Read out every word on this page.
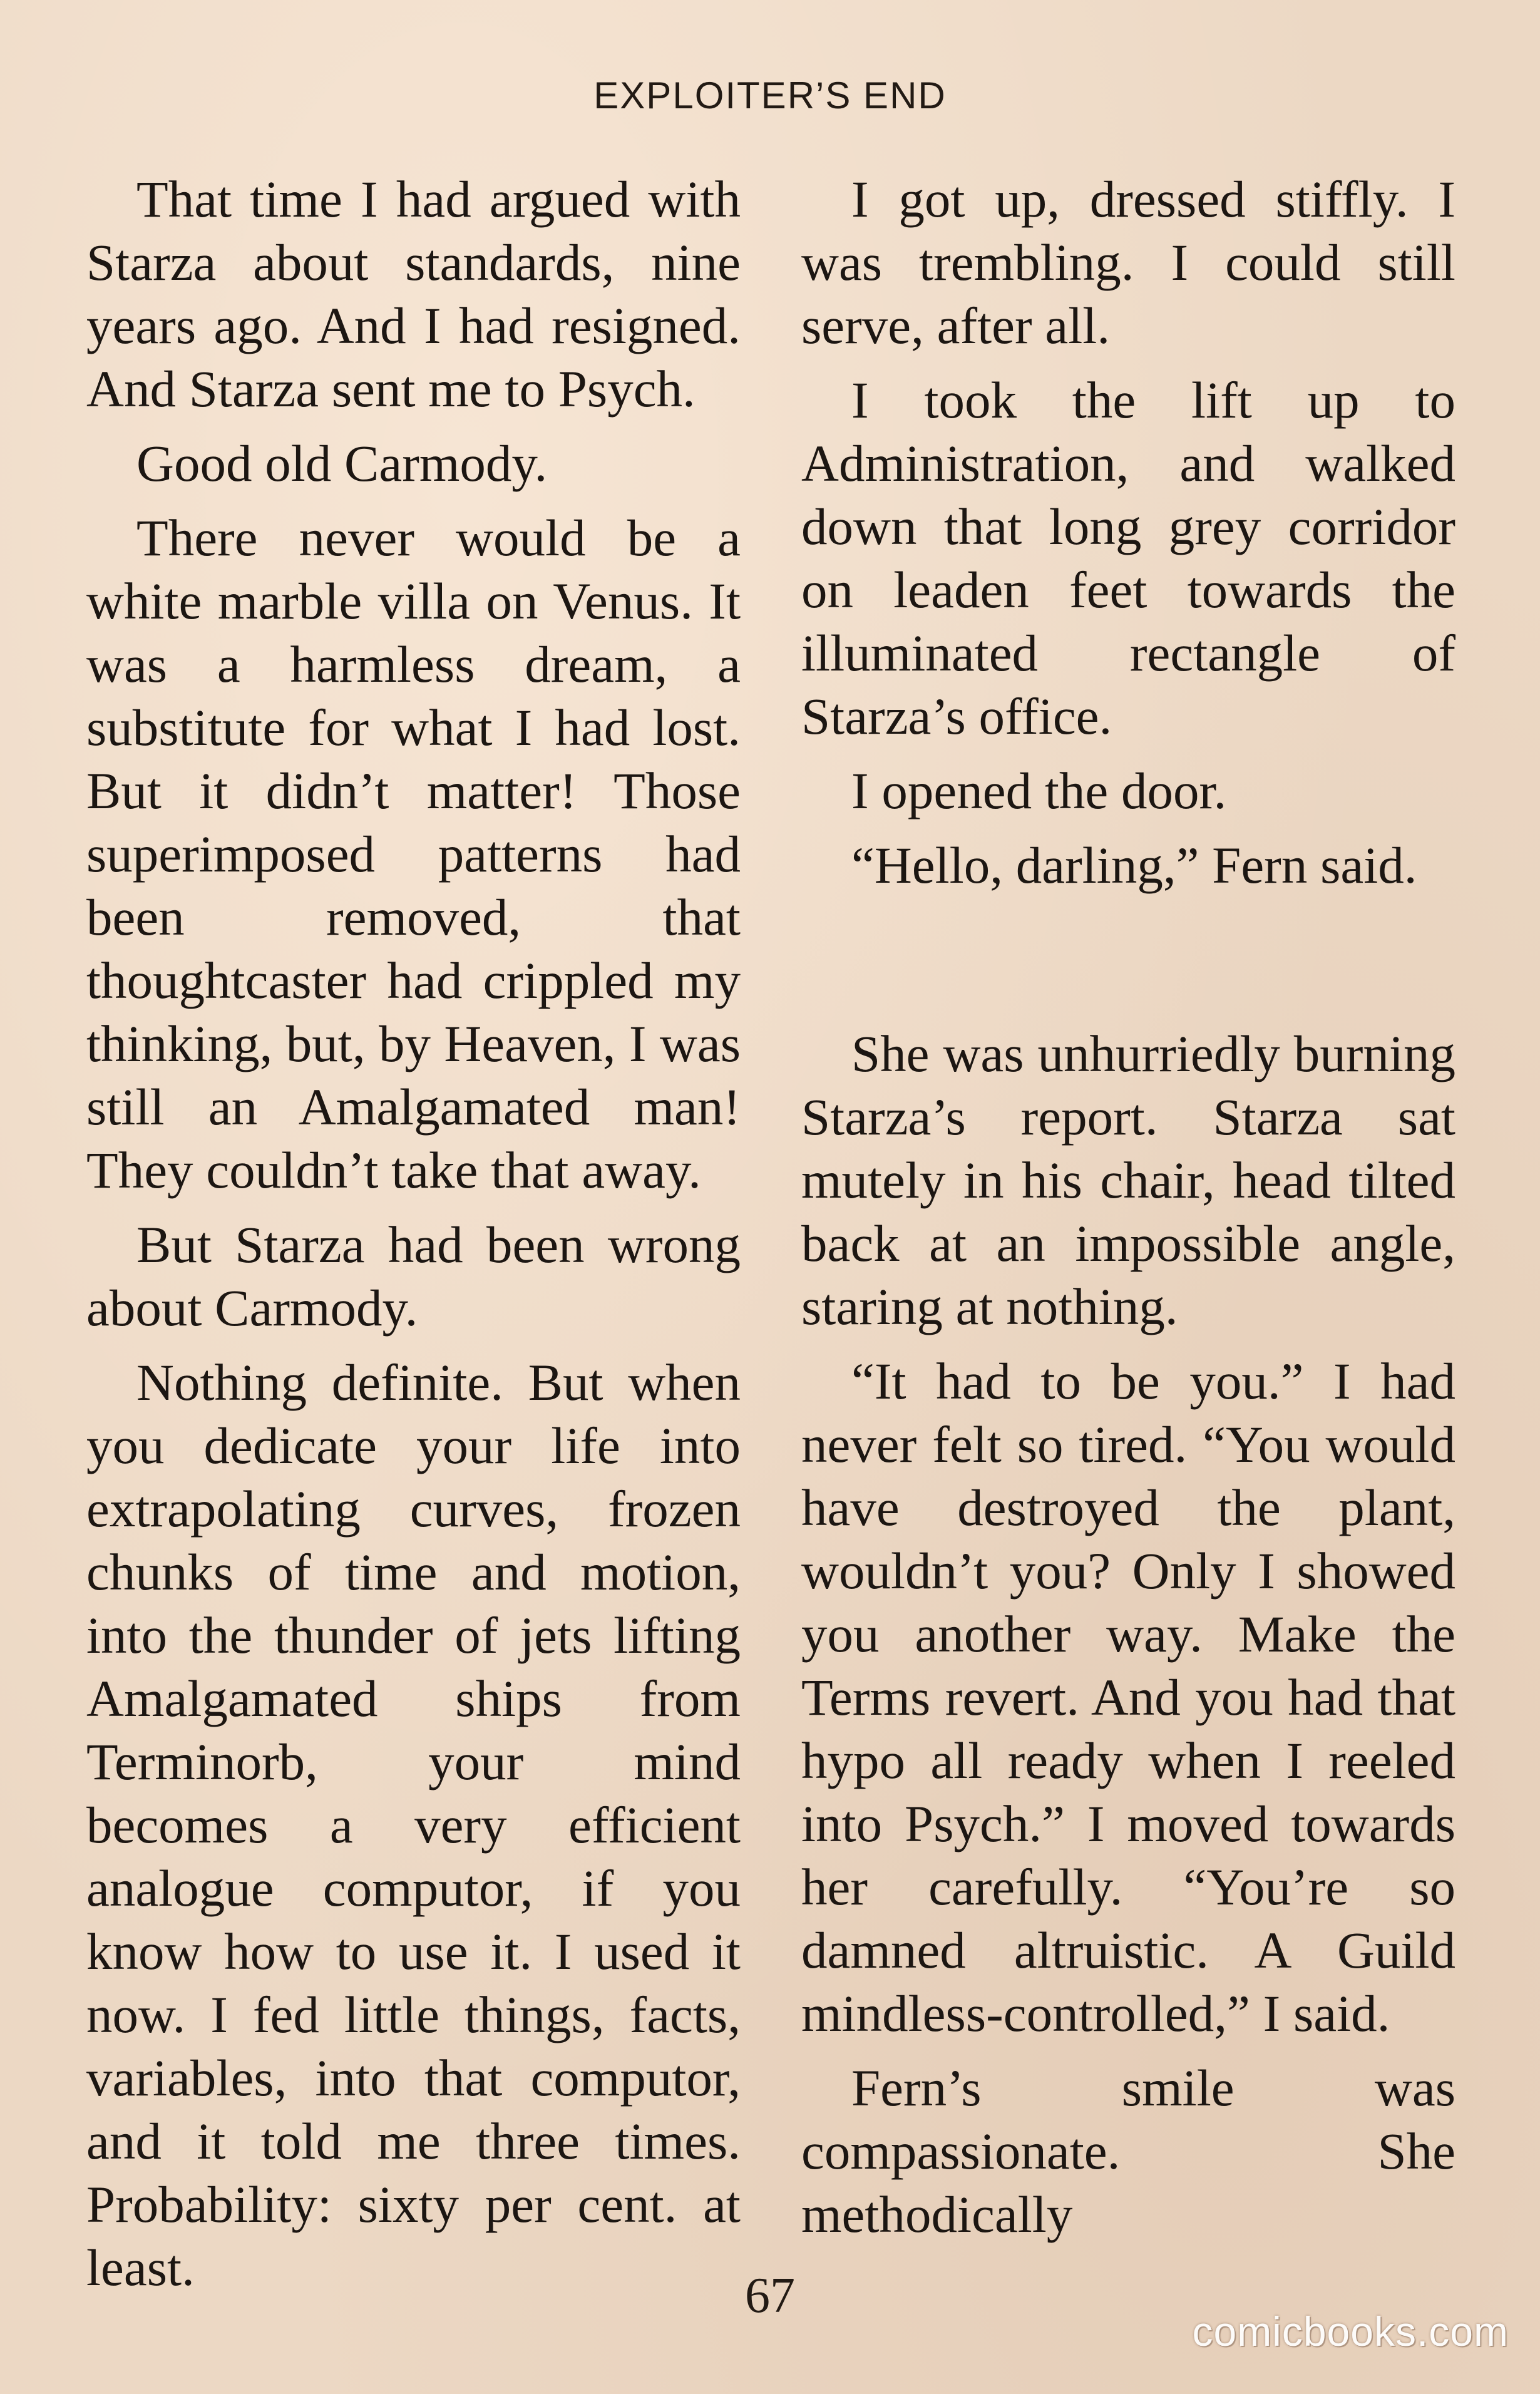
EXPLOITER’S END

That time I had argued with Starza about standards, nine years ago. And I had resigned. And Starza sent me to Psych.

Good old Carmody.

There never would be a white marble villa on Venus. It was a harmless dream, a substitute for what I had lost. But it didn’t matter! Those superimposed patterns had been removed, that thoughtcaster had crippled my thinking, but, by Heaven, I was still an Amalgamated man! They couldn’t take that away.

But Starza had been wrong about Carmody.

Nothing definite. But when you dedicate your life into extrapolating curves, frozen chunks of time and motion, into the thunder of jets lifting Amalgamated ships from Terminorb, your mind becomes a very efficient analogue computor, if you know how to use it. I used it now. I fed little things, facts, variables, into that computor, and it told me three times. Probability: sixty per cent. at least.

I got up, dressed stiffly. I was trembling. I could still serve, after all.

I took the lift up to Administration, and walked down that long grey corridor on leaden feet towards the illuminated rectangle of Starza’s office.

I opened the door.

“Hello, darling,” Fern said.

She was unhurriedly burning Starza’s report. Starza sat mutely in his chair, head tilted back at an impossible angle, staring at nothing.

“It had to be you.” I had never felt so tired. “You would have destroyed the plant, wouldn’t you? Only I showed you another way. Make the Terms revert. And you had that hypo all ready when I reeled into Psych.” I moved towards her carefully. “You’re so damned altruistic. A Guild mindless-controlled,” I said.

Fern’s smile was compassionate. She methodically

67
comicbooks.com
